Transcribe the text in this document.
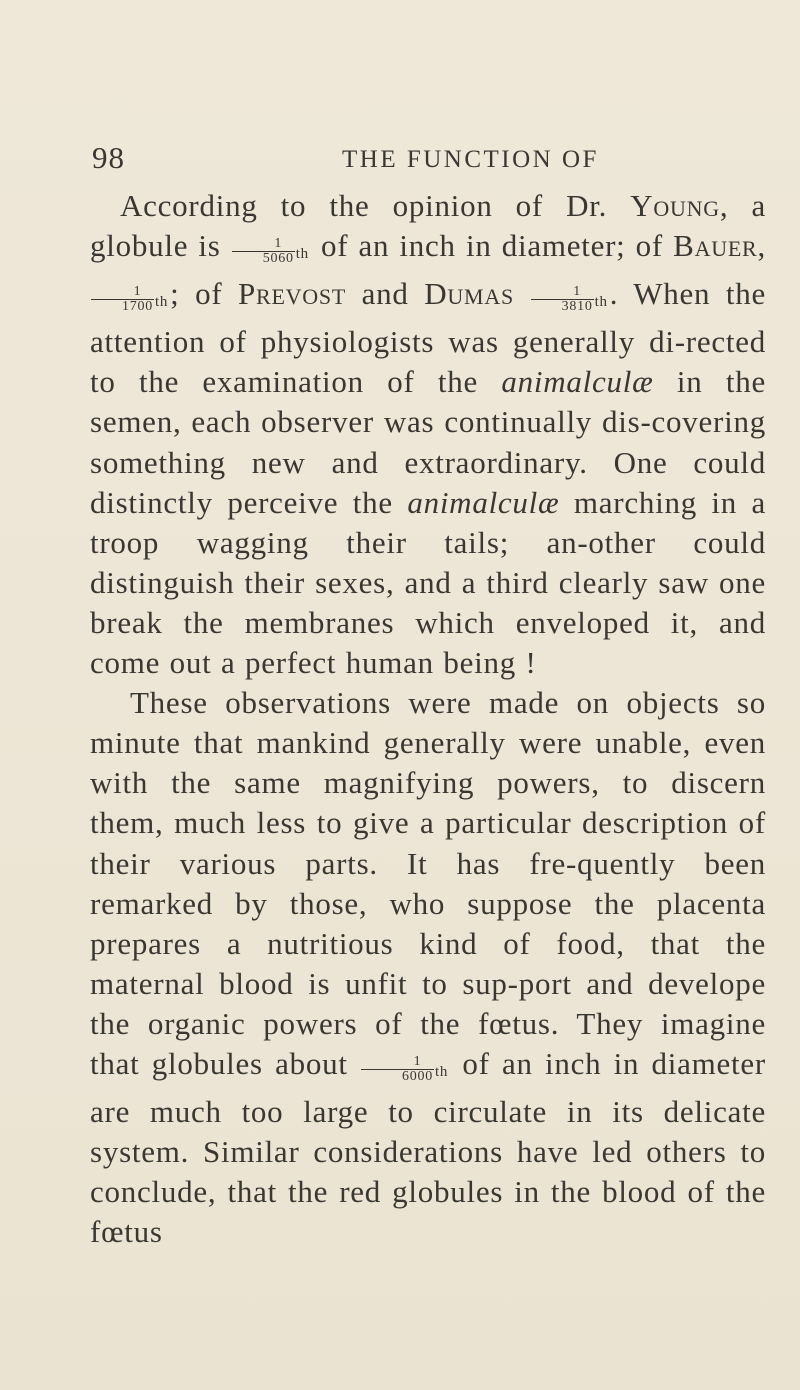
98	THE FUNCTION OF

According to the opinion of Dr. Young, a globule is $\frac{1}{5060}$ th of an inch in diameter; of Bauer,
$\frac{1}{1700}$ th; of Prevost and Dumas $\frac{1}{3810}$ th. When the attention of physiologists was generally di-rected to the examination of the animalculæ in the semen, each observer was continually dis-covering something new and extraordinary. One could distinctly perceive the animalculæ marching in a troop wagging their tails; an-other could distinguish their sexes, and a third clearly saw one break the membranes which enveloped it, and come out a perfect human being !

These observations were made on objects so minute that mankind generally were unable, even with the same magnifying powers, to discern them, much less to give a particular description of their various parts. It has fre-quently been remarked by those, who suppose the placenta prepares a nutritious kind of food, that the maternal blood is unfit to sup-port and develope the organic powers of the fœtus. They imagine that globules about $\frac{1}{6000}$ th of an inch in diameter are much too large to circulate in its delicate system. Similar considerations have led others to conclude, that the red globules in the blood of the fœtus
